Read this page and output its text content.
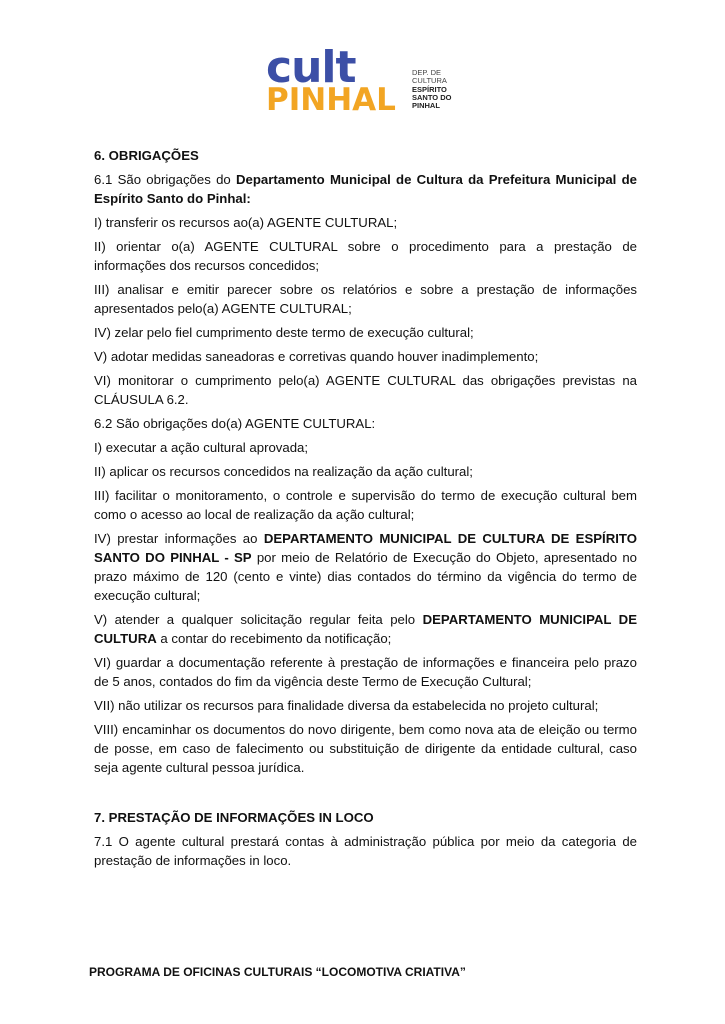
cult
PINHAL
DEP. DE
CULTURA
ESPÍRITO
SANTO DO
PINHAL
6. OBRIGAÇÕES

6.1 São obrigações do Departamento Municipal de Cultura da Prefeitura Municipal de Espírito Santo do Pinhal:

I) transferir os recursos ao(a) AGENTE CULTURAL;

II) orientar o(a) AGENTE CULTURAL sobre o procedimento para a prestação de informações dos recursos concedidos;

III) analisar e emitir parecer sobre os relatórios e sobre a prestação de informações apresentados pelo(a) AGENTE CULTURAL;

IV) zelar pelo fiel cumprimento deste termo de execução cultural;

V) adotar medidas saneadoras e corretivas quando houver inadimplemento;

VI) monitorar o cumprimento pelo(a) AGENTE CULTURAL das obrigações previstas na CLÁUSULA 6.2.

6.2 São obrigações do(a) AGENTE CULTURAL:

I) executar a ação cultural aprovada;

II) aplicar os recursos concedidos na realização da ação cultural;

III) facilitar o monitoramento, o controle e supervisão do termo de execução cultural bem como o acesso ao local de realização da ação cultural;

IV) prestar informações ao DEPARTAMENTO MUNICIPAL DE CULTURA DE ESPÍRITO SANTO DO PINHAL - SP por meio de Relatório de Execução do Objeto, apresentado no prazo máximo de 120 (cento e vinte) dias contados do término da vigência do termo de execução cultural;

V) atender a qualquer solicitação regular feita pelo DEPARTAMENTO MUNICIPAL DE CULTURA a contar do recebimento da notificação;

VI) guardar a documentação referente à prestação de informações e financeira pelo prazo de 5 anos, contados do fim da vigência deste Termo de Execução Cultural;

VII) não utilizar os recursos para finalidade diversa da estabelecida no projeto cultural;

VIII) encaminhar os documentos do novo dirigente, bem como nova ata de eleição ou termo de posse, em caso de falecimento ou substituição de dirigente da entidade cultural, caso seja agente cultural pessoa jurídica.

7. PRESTAÇÃO DE INFORMAÇÕES IN LOCO

7.1 O agente cultural prestará contas à administração pública por meio da categoria de prestação de informações in loco.

PROGRAMA DE OFICINAS CULTURAIS “LOCOMOTIVA CRIATIVA”
